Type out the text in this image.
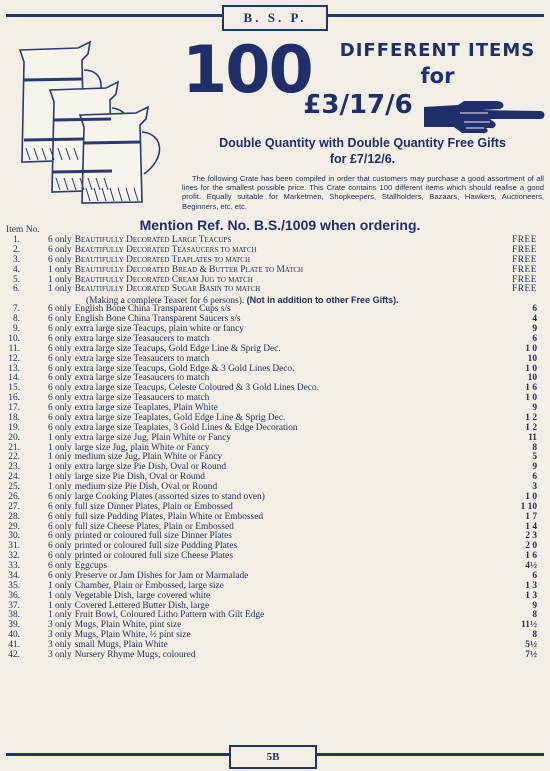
B. S. P.
100	DIFFERENT ITEMS
for
£3/17/6
Double Quantity with Double Quantity Free Gifts
for £7/12/6.
The following Crate has been compiled in order that customers may purchase a good assortment of all lines for the smallest possible price. This Crate contains 100 different items which should realise a good profit. Equally suitable for Marketmen, Shopkeepers, Stallholders, Bazaars, Hawkers, Auctioneers, Beginners, etc. etc.
Item No.	Mention Ref. No. B.S./1009 when ordering.
1.	6 only Beautifully Decorated Large Teacups	FREE
2.	6 only Beautifully Decorated Teasaucers to match	FREE
3.	6 only Beautifully Decorated Teaplates to match	FREE
4.	1 only Beautifully Decorated Bread & Butter Plate to Match	FREE
5.	1 only Beautifully Decorated Cream Jug to match	FREE
6.	1 only Beautifully Decorated Sugar Basin to match	FREE
(Making a complete Teaset for 6 persons). (Not in addition to other Free Gifts).
7.	6 only English Bone China Transparent Cups s/s	6
8.	6 only English Bone China Transparent Saucers s/s	4
9.	6 only extra large size Teacups, plain white or fancy	9
10.	6 only extra large size Teasaucers to match	6
11.	6 only extra large size Teacups, Gold Edge Line & Sprig Dec.	1 0
12.	6 only extra large size Teasaucers to match	10
13.	6 only extra large size Teacups, Gold Edge & 3 Gold Lines Deco.	1 0
14.	6 only extra large size Teasaucers to match	10
15.	6 only extra large size Teacups, Celeste Coloured & 3 Gold Lines Deco.	1 6
16.	6 only extra large size Teasaucers to match	1 0
17.	6 only extra large size Teaplates, Plain White	9
18.	6 only extra large size Teaplates, Gold Edge Line & Sprig Dec.	1 2
19.	6 only extra large size Teaplates, 3 Gold Lines & Edge Decoration	1 2
20.	1 only extra large size Jug, Plain White or Fancy	11
21.	1 only large size Jug, plain White or Fancy	8
22.	1 only medium size Jug, Plain White or Fancy	5
23.	1 only extra large size Pie Dish, Oval or Round	9
24.	1 only large size Pie Dish, Oval or Round	6
25.	1 only medium size Pie Dish, Oval or Round	3
26.	6 only large Cooking Plates (assorted sizes to stand oven)	1 0
27.	6 only full size Dinner Plates, Plain or Embossed	1 10
28.	6 only full size Pudding Plates, Plain White or Embossed	1 7
29.	6 only full size Cheese Plates, Plain or Embossed	1 4
30.	6 only printed or coloured full size Dinner Plates	2 3
31.	6 only printed or coloured full size Pudding Plates	2 0
32.	6 only printed or coloured full size Cheese Plates	1 6
33.	6 only Eggcups	4½
34.	6 only Preserve or Jam Dishes for Jam or Marmalade	6
35.	1 only Chamber, Plain or Embossed, large size	1 3
36.	1 only Vegetable Dish, large covered white	1 3
37.	1 only Covered Lettered Butter Dish, large	9
38.	1 only Fruit Bowl, Coloured Litho Pattern with Gilt Edge	8
39.	3 only Mugs, Plain White, pint size	11½
40.	3 only Mugs, Plain White, ½ pint size	8
41.	3 only small Mugs, Plain White	5½
42.	3 only Nursery Rhyme Mugs, coloured	7½
5B
